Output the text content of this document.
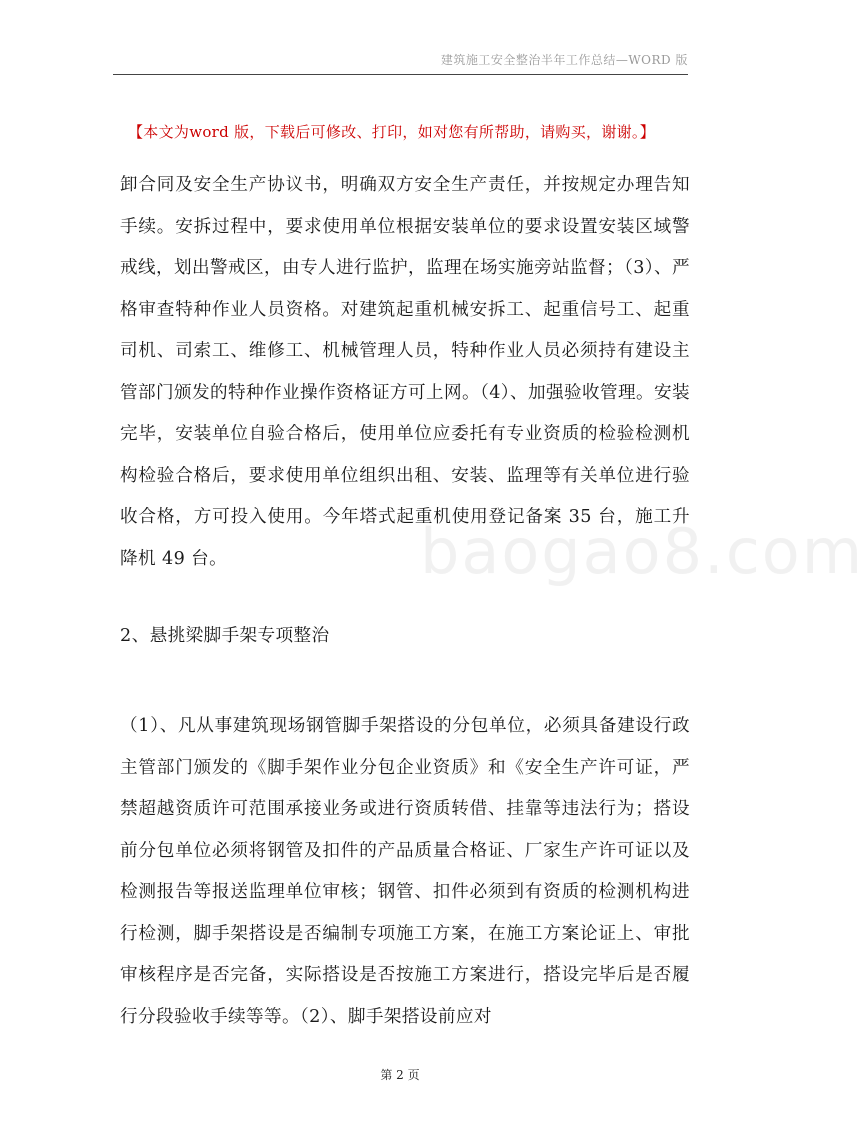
建筑施工安全整治半年工作总结—WORD 版
【本文为word 版，下载后可修改、打印，如对您有所帮助，请购买，谢谢。】
baogao8.com

卸合同及安全生产协议书，明确双方安全生产责任，并按规定办理告知手续。安拆过程中，要求使用单位根据安装单位的要求设置安装区域警戒线，划出警戒区，由专人进行监护，监理在场实施旁站监督；（3）、严格审查特种作业人员资格。对建筑起重机械安拆工、起重信号工、起重司机、司索工、维修工、机械管理人员，特种作业人员必须持有建设主管部门颁发的特种作业操作资格证方可上网。（4）、加强验收管理。安装完毕，安装单位自验合格后，使用单位应委托有专业资质的检验检测机构检验合格后，要求使用单位组织出租、安装、监理等有关单位进行验收合格，方可投入使用。今年塔式起重机使用登记备案 35 台，施工升降机 49 台。

2、悬挑梁脚手架专项整治

（1）、凡从事建筑现场钢管脚手架搭设的分包单位，必须具备建设行政主管部门颁发的《脚手架作业分包企业资质》和《安全生产许可证，严禁超越资质许可范围承接业务或进行资质转借、挂靠等违法行为；搭设前分包单位必须将钢管及扣件的产品质量合格证、厂家生产许可证以及检测报告等报送监理单位审核；钢管、扣件必须到有资质的检测机构进行检测，脚手架搭设是否编制专项施工方案，在施工方案论证上、审批审核程序是否完备，实际搭设是否按施工方案进行，搭设完毕后是否履行分段验收手续等等。（2）、脚手架搭设前应对

第 2 页
